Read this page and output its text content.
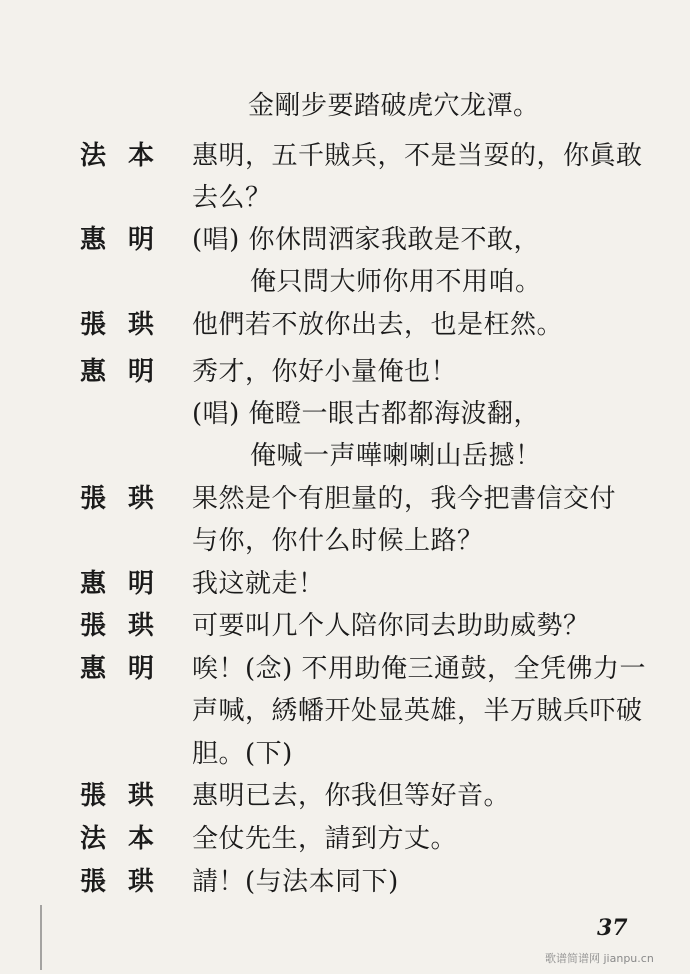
金剛步要踏破虎穴龙潭。
法本 惠明，五千賊兵，不是当耍的，你眞敢
去么？
惠明 (唱) 你休問洒家我敢是不敢，
俺只問大师你用不用咱。
張珙 他們若不放你出去，也是枉然。
惠明 秀才，你好小量俺也！
(唱) 俺瞪一眼古都都海波翻，
俺喊一声嘩喇喇山岳撼！
張珙 果然是个有胆量的，我今把書信交付
与你，你什么时候上路？
惠明 我这就走！
張珙 可要叫几个人陪你同去助助威勢？
惠明 唉！(念) 不用助俺三通鼓，全凭佛力一
声喊，綉幡开处显英雄，半万賊兵吓破
胆。(下)
張珙 惠明已去，你我但等好音。
法本 全仗先生，請到方丈。
張珙 請！(与法本同下)
37
歌谱简谱网 jianpu.cn
